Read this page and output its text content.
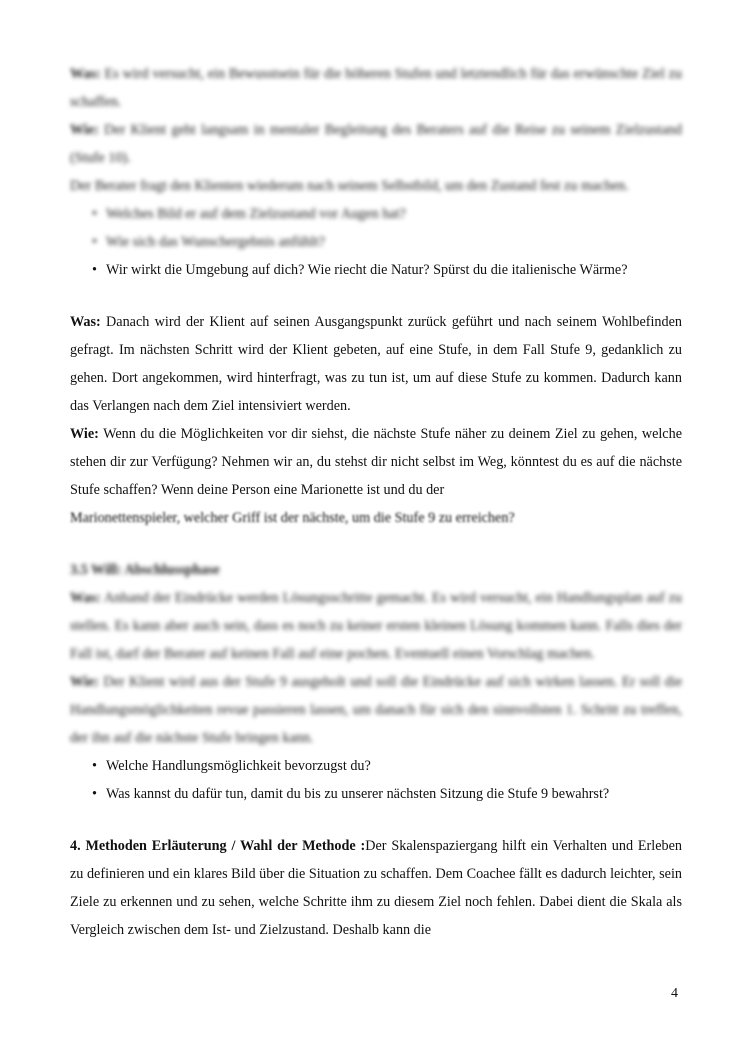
Was: Es wird versucht, ein Bewusstsein für die höheren Stufen und letztendlich für das erwünschte Ziel zu schaffen.

Wie: Der Klient geht langsam in mentaler Begleitung des Beraters auf die Reise zu seinem Zielzustand (Stufe 10).

Der Berater fragt den Klienten wiederum nach seinem Selbstbild, um den Zustand fest zu machen.

• Welches Bild er auf dem Zielzustand vor Augen hat?
• Wie sich das Wunschergebnis anfühlt?
• Wir wirkt die Umgebung auf dich? Wie riecht die Natur? Spürst du die italienische Wärme?

Was: Danach wird der Klient auf seinen Ausgangspunkt zurück geführt und nach seinem Wohlbefinden gefragt. Im nächsten Schritt wird der Klient gebeten, auf eine Stufe, in dem Fall Stufe 9, gedanklich zu gehen. Dort angekommen, wird hinterfragt, was zu tun ist, um auf diese Stufe zu kommen. Dadurch kann das Verlangen nach dem Ziel intensiviert werden.

Wie: Wenn du die Möglichkeiten vor dir siehst, die nächste Stufe näher zu deinem Ziel zu gehen, welche stehen dir zur Verfügung? Nehmen wir an, du stehst dir nicht selbst im Weg, könntest du es auf die nächste Stufe schaffen? Wenn deine Person eine Marionette ist und du der

Marionettenspieler, welcher Griff ist der nächste, um die Stufe 9 zu erreichen?

3.5 Will: Abschlussphase

Was: Anhand der Eindrücke werden Lösungsschritte gemacht. Es wird versucht, ein Handlungsplan auf zu stellen. Es kann aber auch sein, dass es noch zu keiner ersten kleinen Lösung kommen kann. Falls dies der Fall ist, darf der Berater auf keinen Fall auf eine pochen. Eventuell einen Vorschlag machen.

Wie: Der Klient wird aus der Stufe 9 ausgeholt und soll die Eindrücke auf sich wirken lassen. Er soll die Handlungsmöglichkeiten revue passieren lassen, um danach für sich den sinnvollsten 1. Schritt zu treffen, der ihn auf die nächste Stufe bringen kann.

• Welche Handlungsmöglichkeit bevorzugst du?
• Was kannst du dafür tun, damit du bis zu unserer nächsten Sitzung die Stufe 9 bewahrst?

4. Methoden Erläuterung / Wahl der Methode :Der Skalenspaziergang hilft ein Verhalten und Erleben zu definieren und ein klares Bild über die Situation zu schaffen. Dem Coachee fällt es dadurch leichter, sein Ziele zu erkennen und zu sehen, welche Schritte ihm zu diesem Ziel noch fehlen. Dabei dient die Skala als Vergleich zwischen dem Ist- und Zielzustand. Deshalb kann die

4
